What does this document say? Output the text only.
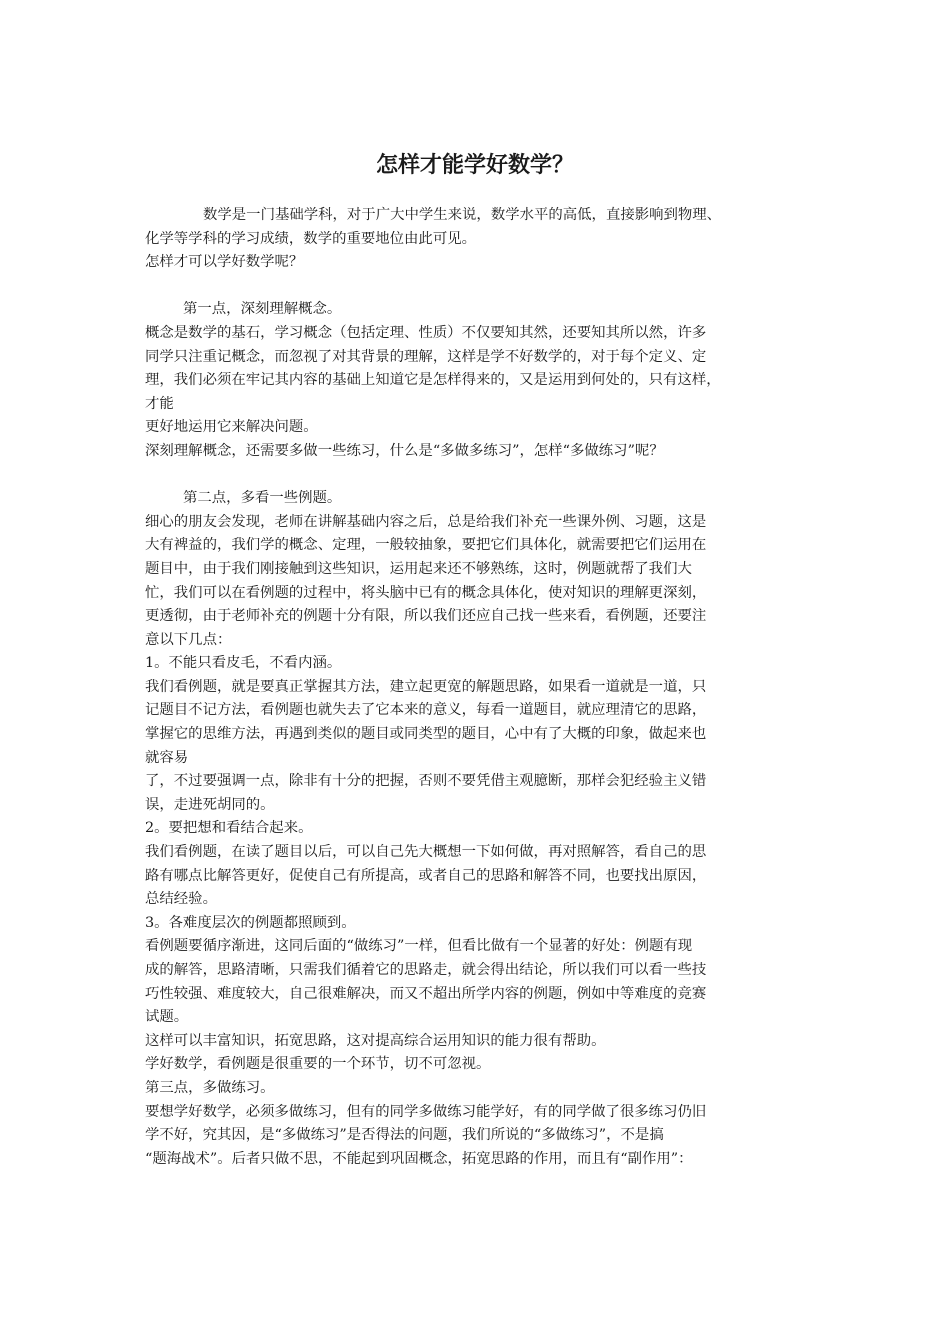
怎样才能学好数学？
数学是一门基础学科，对于广大中学生来说，数学水平的高低，直接影响到物理、
化学等学科的学习成绩，数学的重要地位由此可见。
怎样才可以学好数学呢？
第一点，深刻理解概念。
概念是数学的基石，学习概念（包括定理、性质）不仅要知其然，还要知其所以然，许多
同学只注重记概念，而忽视了对其背景的理解，这样是学不好数学的，对于每个定义、定
理，我们必须在牢记其内容的基础上知道它是怎样得来的，又是运用到何处的，只有这样，
才能
更好地运用它来解决问题。
深刻理解概念，还需要多做一些练习，什么是“多做多练习”，怎样“多做练习”呢？
第二点，多看一些例题。
细心的朋友会发现，老师在讲解基础内容之后，总是给我们补充一些课外例、习题，这是
大有裨益的，我们学的概念、定理，一般较抽象，要把它们具体化，就需要把它们运用在
题目中，由于我们刚接触到这些知识，运用起来还不够熟练，这时，例题就帮了我们大
忙，我们可以在看例题的过程中，将头脑中已有的概念具体化，使对知识的理解更深刻，
更透彻，由于老师补充的例题十分有限，所以我们还应自己找一些来看，看例题，还要注
意以下几点：
1。不能只看皮毛，不看内涵。
我们看例题，就是要真正掌握其方法，建立起更宽的解题思路，如果看一道就是一道，只
记题目不记方法，看例题也就失去了它本来的意义，每看一道题目，就应理清它的思路，
掌握它的思维方法，再遇到类似的题目或同类型的题目，心中有了大概的印象，做起来也
就容易
了，不过要强调一点，除非有十分的把握，否则不要凭借主观臆断，那样会犯经验主义错
误，走进死胡同的。
2。要把想和看结合起来。
我们看例题，在读了题目以后，可以自己先大概想一下如何做，再对照解答，看自己的思
路有哪点比解答更好，促使自己有所提高，或者自己的思路和解答不同，也要找出原因，
总结经验。
3。各难度层次的例题都照顾到。
看例题要循序渐进，这同后面的“做练习”一样，但看比做有一个显著的好处：例题有现
成的解答，思路清晰，只需我们循着它的思路走，就会得出结论，所以我们可以看一些技
巧性较强、难度较大，自己很难解决，而又不超出所学内容的例题，例如中等难度的竞赛
试题。
这样可以丰富知识，拓宽思路，这对提高综合运用知识的能力很有帮助。
学好数学，看例题是很重要的一个环节，切不可忽视。
第三点，多做练习。
要想学好数学，必须多做练习，但有的同学多做练习能学好，有的同学做了很多练习仍旧
学不好，究其因，是“多做练习”是否得法的问题，我们所说的“多做练习”，不是搞
“题海战术”。后者只做不思，不能起到巩固概念，拓宽思路的作用，而且有“副作用”：
